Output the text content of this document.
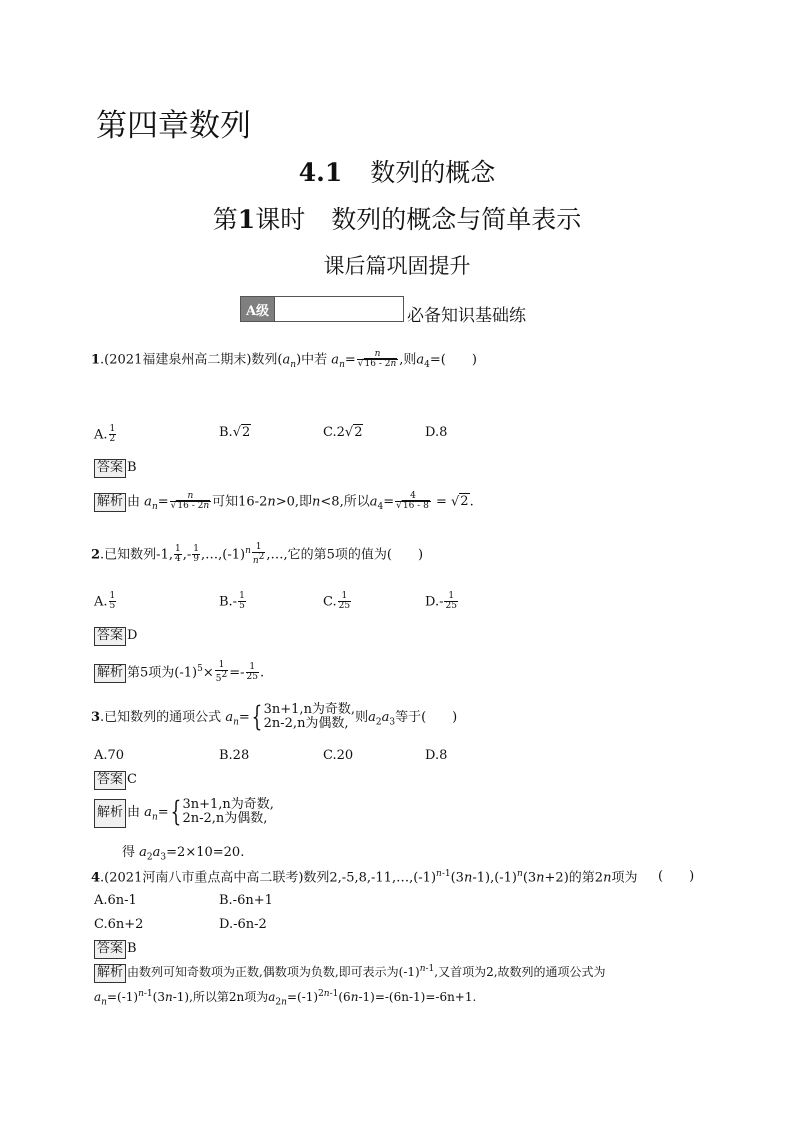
第四章数列
4.1 数列的概念
第1课时 数列的概念与简单表示
课后篇巩固提升
A级	必备知识基础练
1.(2021福建泉州高二期末)数列$(a_n)$中若 $a_n= \frac{n}{√16 - 2n}$ ,则$a_4=$(　　)
A. $\frac{1}{2}$	B.√2	C.2√2	D.8
答案 B
解析 由 $a_n= \frac{n}{√16 - 2n}$ 可知16-2n>0,即n<8,所以$a_4= \frac{4}{√16 - 8} = √2$.
2.已知数列-1, $\frac{1}{4}$ ,- $\frac{1}{9}$ $,\dots,(-1)^n \frac{1}{n^2}$ ,…,它的第5项的值为(　　)
A. $\frac{1}{5}$	$B.- \frac{1}{5}$	C. $\frac{1}{25}$	$D.- \frac{1}{25}$
答案 D
解析 第5项为$(-1)^5\times \frac{1}{5^2} =- \frac{1}{25}$ .
3.已知数列的通项公式 $a_n=${ 3n+1,n为奇数,
2n-2,n为偶数, 则$a_2a_3$等于(　　)
A.70	B.28	C.20	D.8
答案 C
解析 由 $a_n=${ 3n+1,n为奇数,
2n-2,n为偶数,
得 $a_2a_3=2\times 10=20$.
4.(2021河南八市重点高中高二联考)数列$2,-5,8,-11,\dots,(-1)^{n-1}(3n-1),(-1)^n(3n+2)$的第2n项为 (　　)
A.6n-1	B.-6n+1
C.6n+2	D.-6n-2
答案 B
解析 由数列可知奇数项为正数,偶数项为负数,即可表示为$(-1)^{n-1}$,又首项为2,故数列的通项公式为
$a_n=(-1)^{n-1}(3n-1)$,所以第2n项为$a_{2n}=(-1)^{2n-1}(6n-1)=-(6n-1)=-6n+1$.
